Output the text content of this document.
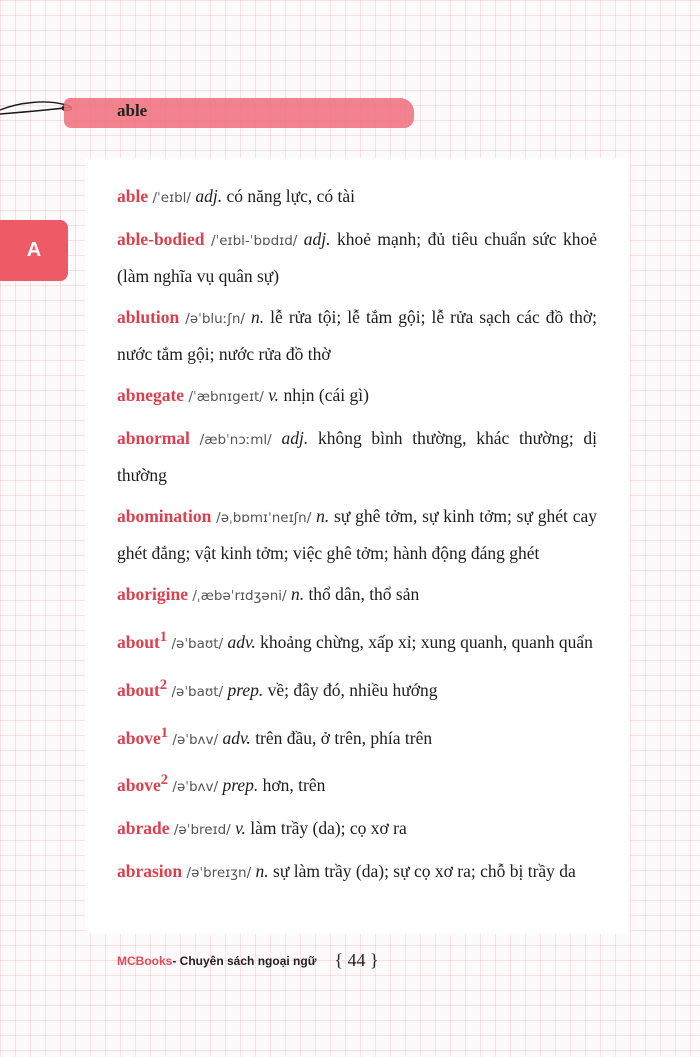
able
A
able /ˈeɪbl/ adj. có năng lực, có tài
able-bodied /ˈeɪbl-ˈbɒdɪd/ adj. khoẻ mạnh; đủ tiêu chuẩn sức khoẻ (làm nghĩa vụ quân sự)
ablution /əˈbluːʃn/ n. lễ rửa tội; lễ tắm gội; lễ rửa sạch các đồ thờ; nước tắm gội; nước rửa đồ thờ
abnegate /ˈæbnɪgeɪt/ v. nhịn (cái gì)
abnormal /æbˈnɔːml/ adj. không bình thường, khác thường; dị thường
abomination /əˌbɒmɪˈneɪʃn/ n. sự ghê tởm, sự kinh tởm; sự ghét cay ghét đắng; vật kinh tởm; việc ghê tởm; hành động đáng ghét
aborigine /ˌæbəˈrɪdʒəni/ n. thổ dân, thổ sản
about$^1$ /əˈbaʊt/ adv. khoảng chừng, xấp xỉ; xung quanh, quanh quẩn
about$^2$ /əˈbaʊt/ prep. về; đây đó, nhiều hướng
above$^1$ /əˈbʌv/ adv. trên đầu, ở trên, phía trên
above$^2$ /əˈbʌv/ prep. hơn, trên
abrade /əˈbreɪd/ v. làm trầy (da); cọ xơ ra
abrasion /əˈbreɪʒn/ n. sự làm trầy (da); sự cọ xơ ra; chỗ bị trầy da
MCBooks - Chuyên sách ngoại ngữ { 44 }
